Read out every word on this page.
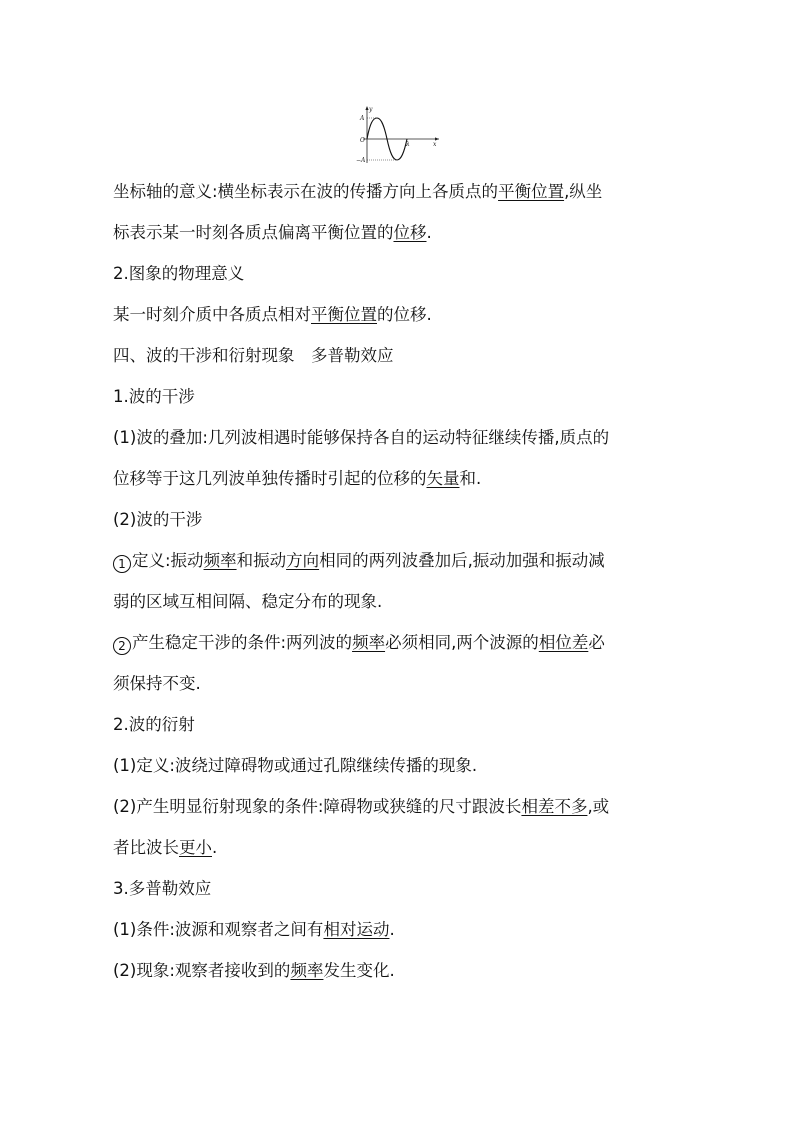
y
x
A
O
−A
λ
坐标轴的意义:横坐标表示在波的传播方向上各质点的平衡位置,纵坐
标表示某一时刻各质点偏离平衡位置的位移.
2.图象的物理意义
某一时刻介质中各质点相对平衡位置的位移.
四、波的干涉和衍射现象　多普勒效应
1.波的干涉
(1)波的叠加:几列波相遇时能够保持各自的运动特征继续传播,质点的
位移等于这几列波单独传播时引起的位移的矢量和.
(2)波的干涉
1 定义:振动频率和振动方向相同的两列波叠加后,振动加强和振动减
弱的区域互相间隔、稳定分布的现象.
2 产生稳定干涉的条件:两列波的频率必须相同,两个波源的相位差必
须保持不变.
2.波的衍射
(1)定义:波绕过障碍物或通过孔隙继续传播的现象.
(2)产生明显衍射现象的条件:障碍物或狭缝的尺寸跟波长相差不多,或
者比波长更小.
3.多普勒效应
(1)条件:波源和观察者之间有相对运动.
(2)现象:观察者接收到的频率发生变化.
